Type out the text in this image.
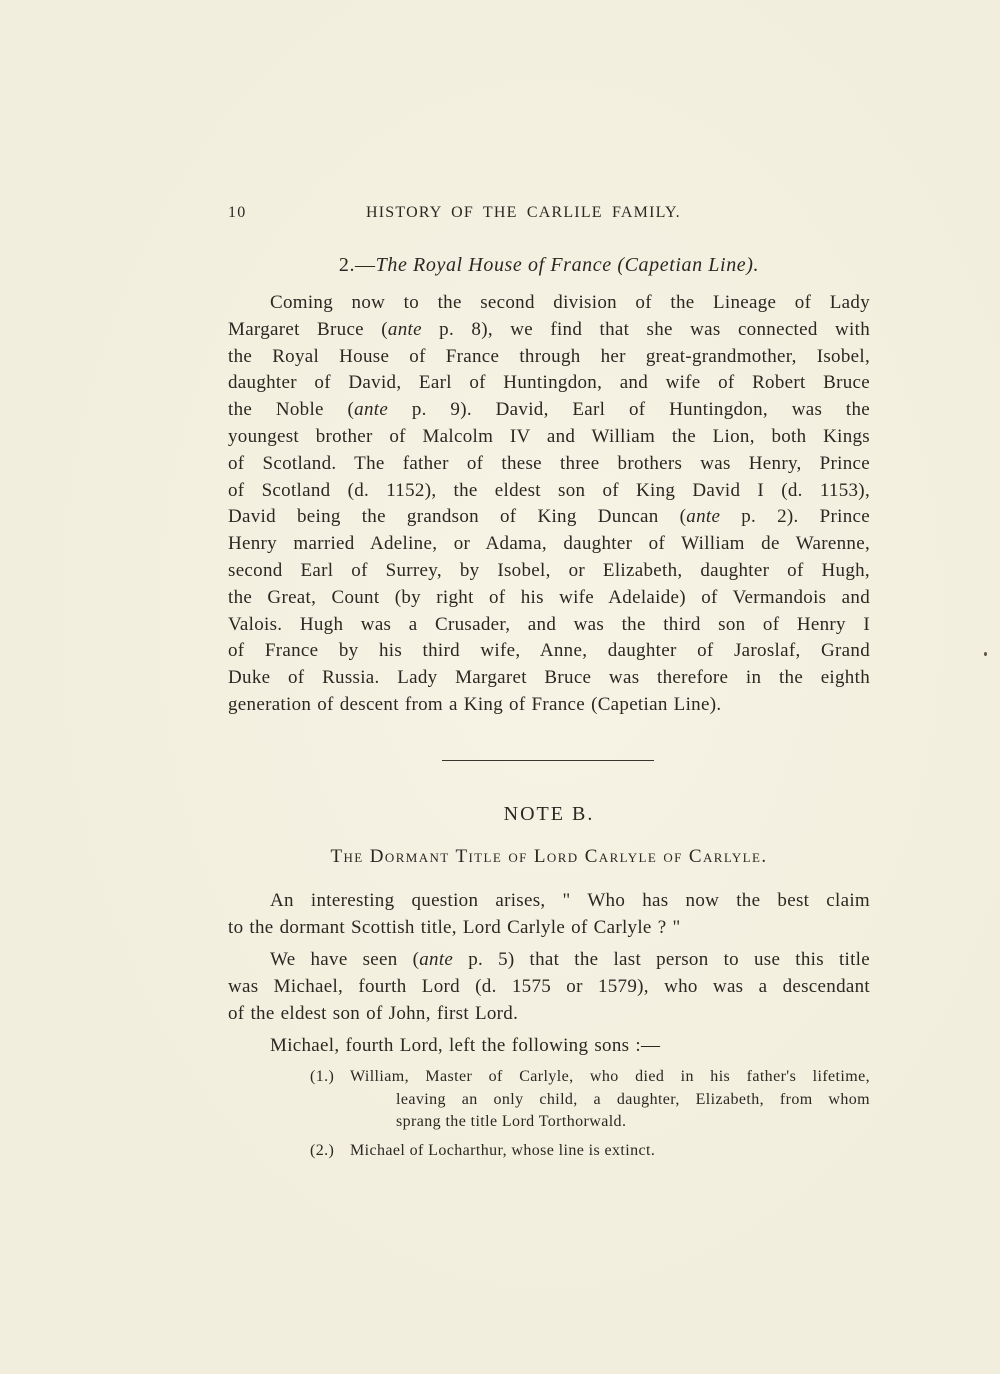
10	HISTORY OF THE CARLILE FAMILY.
2.—The Royal House of France (Capetian Line).
Coming now to the second division of the Lineage of Lady
Margaret Bruce (ante p. 8), we find that she was connected with
the Royal House of France through her great-grandmother, Isobel,
daughter of David, Earl of Huntingdon, and wife of Robert Bruce
the Noble (ante p. 9). David, Earl of Huntingdon, was the
youngest brother of Malcolm IV and William the Lion, both Kings
of Scotland. The father of these three brothers was Henry, Prince
of Scotland (d. 1152), the eldest son of King David I (d. 1153),
David being the grandson of King Duncan (ante p. 2). Prince
Henry married Adeline, or Adama, daughter of William de Warenne,
second Earl of Surrey, by Isobel, or Elizabeth, daughter of Hugh,
the Great, Count (by right of his wife Adelaide) of Vermandois and
Valois. Hugh was a Crusader, and was the third son of Henry I
of France by his third wife, Anne, daughter of Jaroslaf, Grand
Duke of Russia. Lady Margaret Bruce was therefore in the eighth
generation of descent from a King of France (Capetian Line).
NOTE B.
The Dormant Title of Lord Carlyle of Carlyle.
An interesting question arises, " Who has now the best claim
to the dormant Scottish title, Lord Carlyle of Carlyle ? "
We have seen (ante p. 5) that the last person to use this title
was Michael, fourth Lord (d. 1575 or 1579), who was a descendant
of the eldest son of John, first Lord.
Michael, fourth Lord, left the following sons :—
(1.) William, Master of Carlyle, who died in his father's lifetime,
leaving an only child, a daughter, Elizabeth, from whom
sprang the title Lord Torthorwald.
(2.) Michael of Locharthur, whose line is extinct.
